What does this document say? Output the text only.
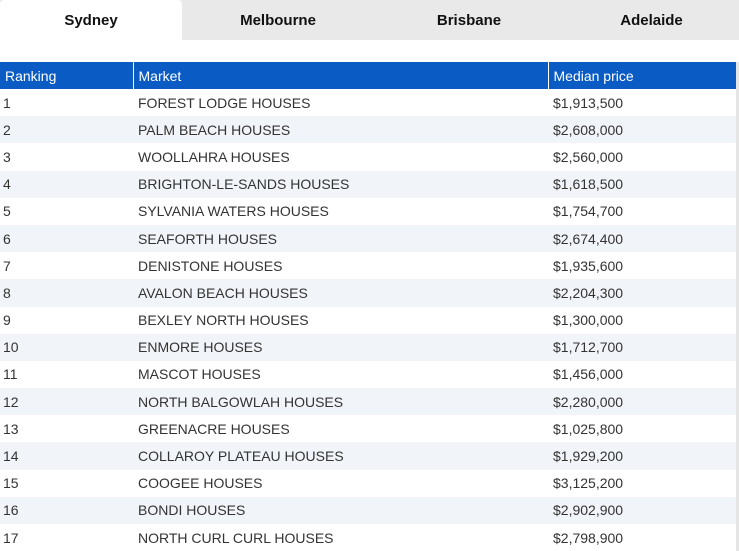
Sydney	Melbourne	Brisbane	Adelaide
Ranking	Market	Median price
1	FOREST LODGE HOUSES	$1,913,500
2	PALM BEACH HOUSES	$2,608,000
3	WOOLLAHRA HOUSES	$2,560,000
4	BRIGHTON-LE-SANDS HOUSES	$1,618,500
5	SYLVANIA WATERS HOUSES	$1,754,700
6	SEAFORTH HOUSES	$2,674,400
7	DENISTONE HOUSES	$1,935,600
8	AVALON BEACH HOUSES	$2,204,300
9	BEXLEY NORTH HOUSES	$1,300,000
10	ENMORE HOUSES	$1,712,700
11	MASCOT HOUSES	$1,456,000
12	NORTH BALGOWLAH HOUSES	$2,280,000
13	GREENACRE HOUSES	$1,025,800
14	COLLAROY PLATEAU HOUSES	$1,929,200
15	COOGEE HOUSES	$3,125,200
16	BONDI HOUSES	$2,902,900
17	NORTH CURL CURL HOUSES	$2,798,900
